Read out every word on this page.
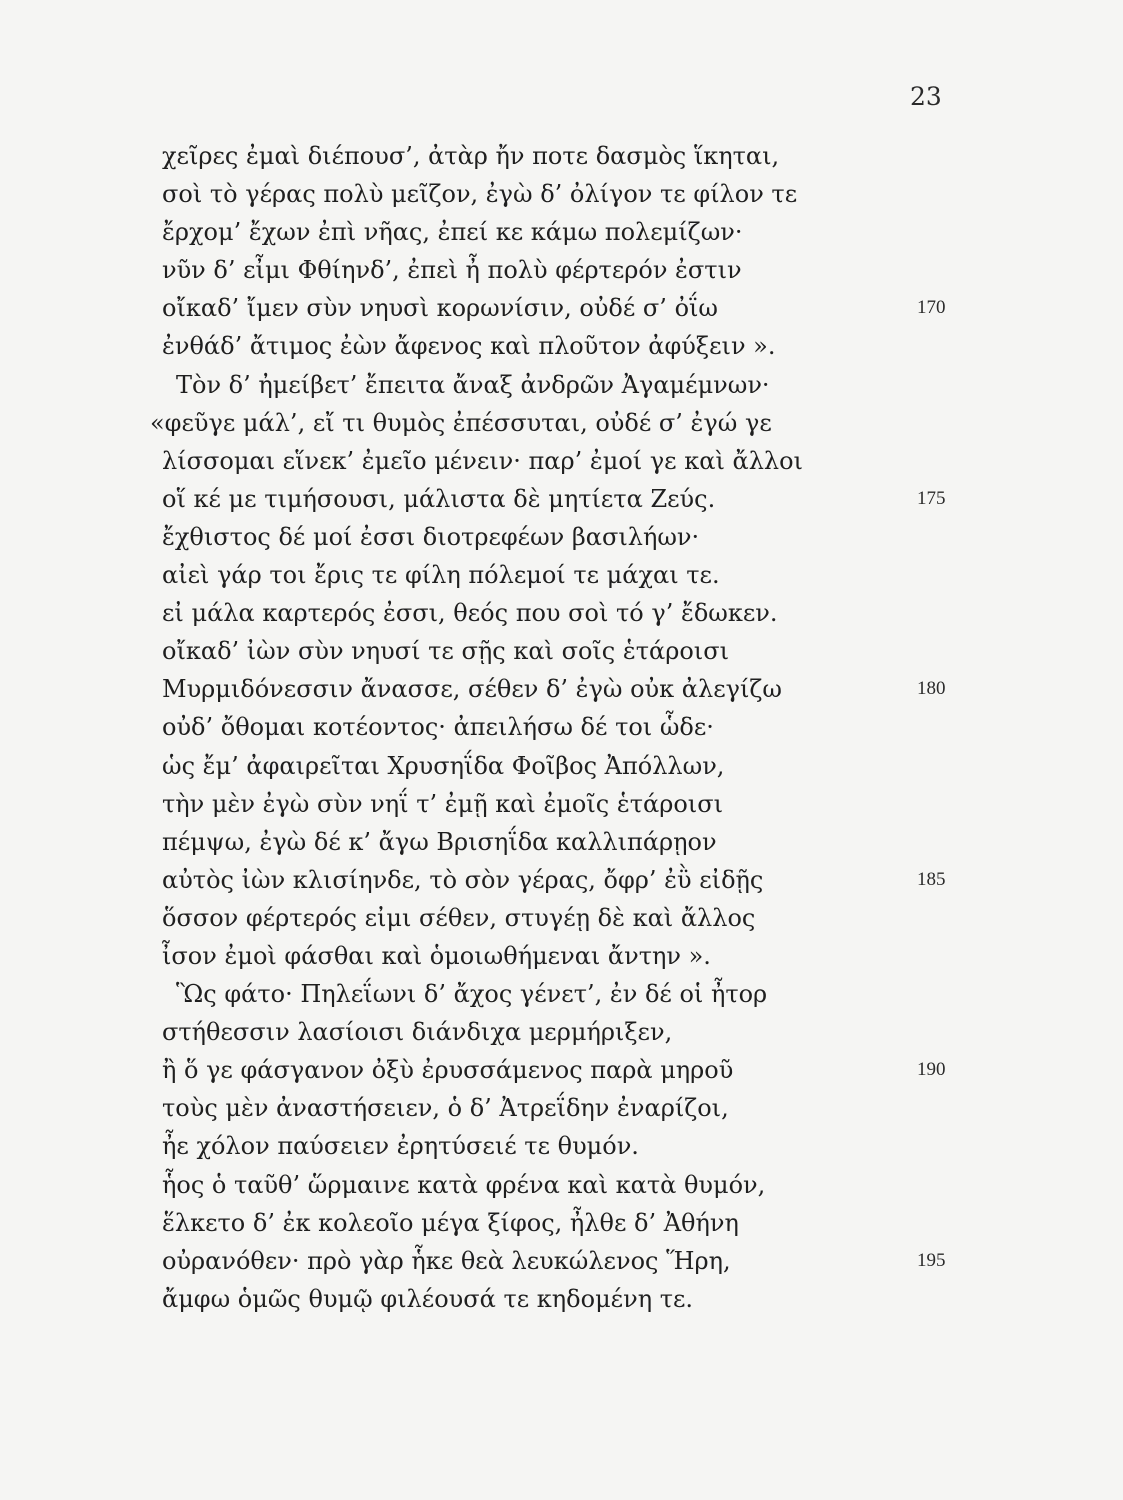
23
χεῖρες ἐμαὶ διέπουσ’, ἀτὰρ ἤν ποτε δασμὸς ἵκηται,
σοὶ τὸ γέρας πολὺ μεῖζον, ἐγὼ δ’ ὀλίγον τε φίλον τε
ἔρχομ’ ἔχων ἐπὶ νῆας, ἐπεί κε κάμω πολεμίζων·
νῦν δ’ εἶμι Φθίηνδ’, ἐπεὶ ἦ πολὺ φέρτερόν ἐστιν
οἴκαδ’ ἴμεν σὺν νηυσὶ κορωνίσιν, οὐδέ σ’ ὀΐω	170
ἐνθάδ’ ἄτιμος ἐὼν ἄφενος καὶ πλοῦτον ἀφύξειν ».
Τὸν δ’ ἠμείβετ’ ἔπειτα ἄναξ ἀνδρῶν Ἀγαμέμνων·
«φεῦγε μάλ’, εἴ τι θυμὸς ἐπέσσυται, οὐδέ σ’ ἐγώ γε
λίσσομαι εἵνεκ’ ἐμεῖο μένειν· παρ’ ἐμοί γε καὶ ἄλλοι
οἵ κέ με τιμήσουσι, μάλιστα δὲ μητίετα Ζεύς.	175
ἔχθιστος δέ μοί ἐσσι διοτρεφέων βασιλήων·
αἰεὶ γάρ τοι ἔρις τε φίλη πόλεμοί τε μάχαι τε.
εἰ μάλα καρτερός ἐσσι, θεός που σοὶ τό γ’ ἔδωκεν.
οἴκαδ’ ἰὼν σὺν νηυσί τε σῇς καὶ σοῖς ἑτάροισι
Μυρμιδόνεσσιν ἄνασσε, σέθεν δ’ ἐγὼ οὐκ ἀλεγίζω	180
οὐδ’ ὄθομαι κοτέοντος· ἀπειλήσω δέ τοι ὧδε·
ὡς ἔμ’ ἀφαιρεῖται Χρυσηΐδα Φοῖβος Ἀπόλλων,
τὴν μὲν ἐγὼ σὺν νηΐ τ’ ἐμῇ καὶ ἐμοῖς ἑτάροισι
πέμψω, ἐγὼ δέ κ’ ἄγω Βρισηΐδα καλλιπάρῃον
αὐτὸς ἰὼν κλισίηνδε, τὸ σὸν γέρας, ὄφρ’ ἐῢ εἰδῇς	185
ὅσσον φέρτερός εἰμι σέθεν, στυγέῃ δὲ καὶ ἄλλος
ἶσον ἐμοὶ φάσθαι καὶ ὁμοιωθήμεναι ἄντην ».
Ὣς φάτο· Πηλεΐωνι δ’ ἄχος γένετ’, ἐν δέ οἱ ἦτορ
στήθεσσιν λασίοισι διάνδιχα μερμήριξεν,
ἢ ὅ γε φάσγανον ὀξὺ ἐρυσσάμενος παρὰ μηροῦ	190
τοὺς μὲν ἀναστήσειεν, ὁ δ’ Ἀτρεΐδην ἐναρίζοι,
ἦε χόλον παύσειεν ἐρητύσειέ τε θυμόν.
ἧος ὁ ταῦθ’ ὥρμαινε κατὰ φρένα καὶ κατὰ θυμόν,
ἕλκετο δ’ ἐκ κολεοῖο μέγα ξίφος, ἦλθε δ’ Ἀθήνη
οὐρανόθεν· πρὸ γὰρ ἧκε θεὰ λευκώλενος Ἥρη,	195
ἄμφω ὁμῶς θυμῷ φιλέουσά τε κηδομένη τε.
